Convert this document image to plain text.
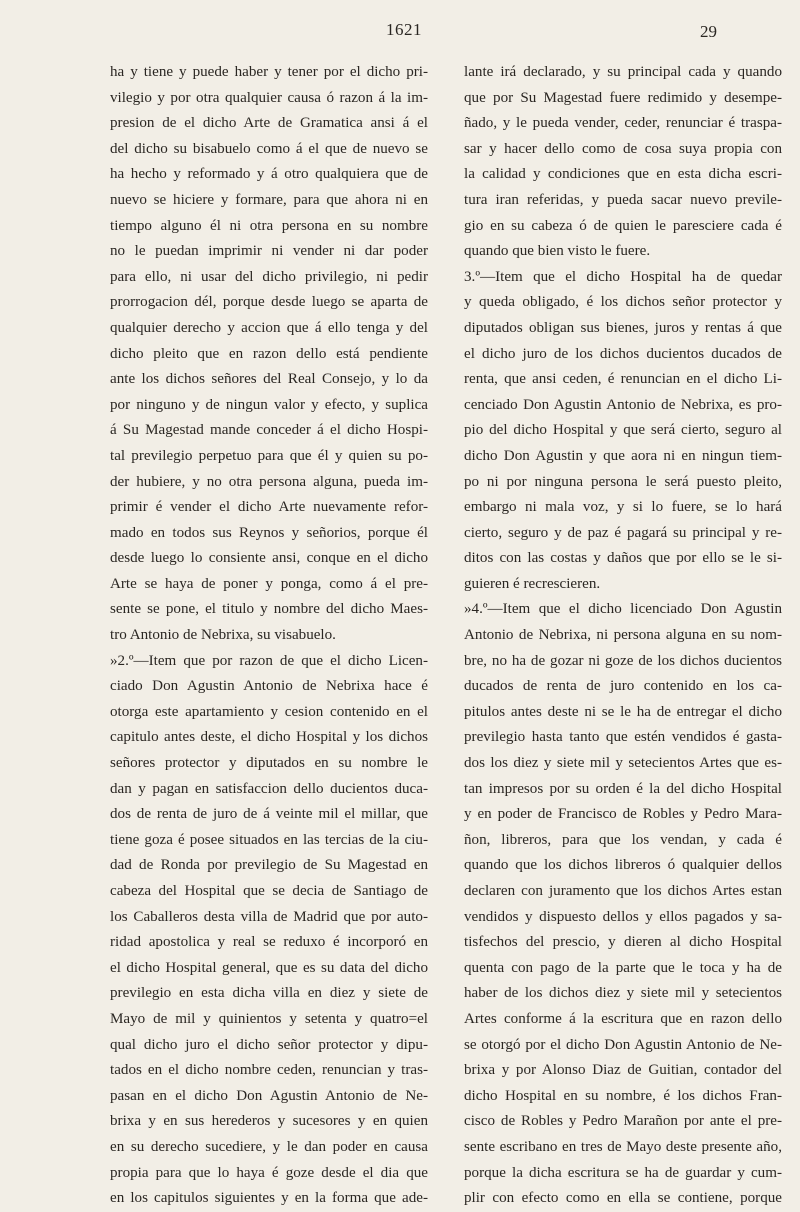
1621	29
ha y tiene y puede haber y tener por el dicho pri-
vilegio y por otra qualquier causa ó razon á la im-
presion de el dicho Arte de Gramatica ansi á el
del dicho su bisabuelo como á el que de nuevo se
ha hecho y reformado y á otro qualquiera que de
nuevo se hiciere y formare, para que ahora ni en
tiempo alguno él ni otra persona en su nombre
no le puedan imprimir ni vender ni dar poder
para ello, ni usar del dicho privilegio, ni pedir
prorrogacion dél, porque desde luego se aparta de
qualquier derecho y accion que á ello tenga y del
dicho pleito que en razon dello está pendiente
ante los dichos señores del Real Consejo, y lo da
por ninguno y de ningun valor y efecto, y suplica
á Su Magestad mande conceder á el dicho Hospi-
tal previlegio perpetuo para que él y quien su po-
der hubiere, y no otra persona alguna, pueda im-
primir é vender el dicho Arte nuevamente refor-
mado en todos sus Reynos y señorios, porque él
desde luego lo consiente ansi, conque en el dicho
Arte se haya de poner y ponga, como á el pre-
sente se pone, el titulo y nombre del dicho Maes-
tro Antonio de Nebrixa, su visabuelo.
»2.º—Item que por razon de que el dicho Licen-
ciado Don Agustin Antonio de Nebrixa hace é
otorga este apartamiento y cesion contenido en el
capitulo antes deste, el dicho Hospital y los dichos
señores protector y diputados en su nombre le
dan y pagan en satisfaccion dello ducientos duca-
dos de renta de juro de á veinte mil el millar, que
tiene goza é posee situados en las tercias de la ciu-
dad de Ronda por previlegio de Su Magestad en
cabeza del Hospital que se decia de Santiago de
los Caballeros desta villa de Madrid que por auto-
ridad apostolica y real se reduxo é incorporó en
el dicho Hospital general, que es su data del dicho
previlegio en esta dicha villa en diez y siete de
Mayo de mil y quinientos y setenta y quatro=el
qual dicho juro el dicho señor protector y dipu-
tados en el dicho nombre ceden, renuncian y tras-
pasan en el dicho Don Agustin Antonio de Ne-
brixa y en sus herederos y sucesores y en quien
en su derecho sucediere, y le dan poder en causa
propia para que lo haya é goze desde el dia que
en los capitulos siguientes y en la forma que ade-
lante irá declarado, y su principal cada y quando
que por Su Magestad fuere redimido y desempe-
ñado, y le pueda vender, ceder, renunciar é traspa-
sar y hacer dello como de cosa suya propia con
la calidad y condiciones que en esta dicha escri-
tura iran referidas, y pueda sacar nuevo previle-
gio en su cabeza ó de quien le paresciere cada é
quando que bien visto le fuere.
3.º—Item que el dicho Hospital ha de quedar
y queda obligado, é los dichos señor protector y
diputados obligan sus bienes, juros y rentas á que
el dicho juro de los dichos ducientos ducados de
renta, que ansi ceden, é renuncian en el dicho Li-
cenciado Don Agustin Antonio de Nebrixa, es pro-
pio del dicho Hospital y que será cierto, seguro al
dicho Don Agustin y que aora ni en ningun tiem-
po ni por ninguna persona le será puesto pleito,
embargo ni mala voz, y si lo fuere, se lo hará
cierto, seguro y de paz é pagará su principal y re-
ditos con las costas y daños que por ello se le si-
guieren é recrescieren.
»4.º—Item que el dicho licenciado Don Agustin
Antonio de Nebrixa, ni persona alguna en su nom-
bre, no ha de gozar ni goze de los dichos ducientos
ducados de renta de juro contenido en los ca-
pitulos antes deste ni se le ha de entregar el dicho
previlegio hasta tanto que estén vendidos é gasta-
dos los diez y siete mil y setecientos Artes que es-
tan impresos por su orden é la del dicho Hospital
y en poder de Francisco de Robles y Pedro Mara-
ñon, libreros, para que los vendan, y cada é
quando que los dichos libreros ó qualquier dellos
declaren con juramento que los dichos Artes estan
vendidos y dispuesto dellos y ellos pagados y sa-
tisfechos del prescio, y dieren al dicho Hospital
quenta con pago de la parte que le toca y ha de
haber de los dichos diez y siete mil y setecientos
Artes conforme á la escritura que en razon dello
se otorgó por el dicho Don Agustin Antonio de Ne-
brixa y por Alonso Diaz de Guitian, contador del
dicho Hospital en su nombre, é los dichos Fran-
cisco de Robles y Pedro Marañon por ante el pre-
sente escribano en tres de Mayo deste presente año,
porque la dicha escritura se ha de guardar y cum-
plir con efecto como en ella se contiene, porque
